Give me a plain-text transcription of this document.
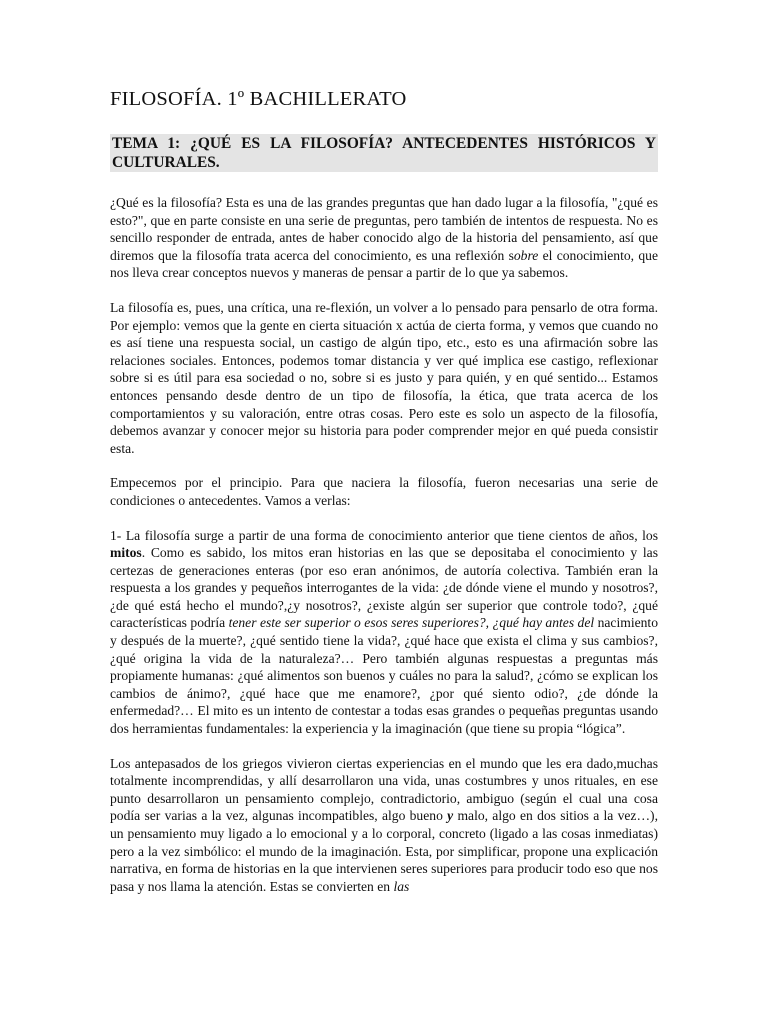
FILOSOFÍA. 1º BACHILLERATO
TEMA 1: ¿QUÉ ES LA FILOSOFÍA? ANTECEDENTES HISTÓRICOS Y CULTURALES.

¿Qué es la filosofía? Esta es una de las grandes preguntas que han dado lugar a la filosofía, "¿qué es esto?", que en parte consiste en una serie de preguntas, pero también de intentos de respuesta. No es sencillo responder de entrada, antes de haber conocido algo de la historia del pensamiento, así que diremos que la filosofía trata acerca del conocimiento, es una reflexión sobre el conocimiento, que nos lleva crear conceptos nuevos y maneras de pensar a partir de lo que ya sabemos.

La filosofía es, pues, una crítica, una re-flexión, un volver a lo pensado para pensarlo de otra forma. Por ejemplo: vemos que la gente en cierta situación x actúa de cierta forma, y vemos que cuando no es así tiene una respuesta social, un castigo de algún tipo, etc., esto es una afirmación sobre las relaciones sociales. Entonces, podemos tomar distancia y ver qué implica ese castigo, reflexionar sobre si es útil para esa sociedad o no, sobre si es justo y para quién, y en qué sentido... Estamos entonces pensando desde dentro de un tipo de filosofía, la ética, que trata acerca de los comportamientos y su valoración, entre otras cosas. Pero este es solo un aspecto de la filosofía, debemos avanzar y conocer mejor su historia para poder comprender mejor en qué pueda consistir esta.

Empecemos por el principio. Para que naciera la filosofía, fueron necesarias una serie de condiciones o antecedentes. Vamos a verlas:

1- La filosofía surge a partir de una forma de conocimiento anterior que tiene cientos de años, los mitos. Como es sabido, los mitos eran historias en las que se depositaba el conocimiento y las certezas de generaciones enteras (por eso eran anónimos, de autoría colectiva. También eran la respuesta a los grandes y pequeños interrogantes de la vida: ¿de dónde viene el mundo y nosotros?, ¿de qué está hecho el mundo?,¿y nosotros?, ¿existe algún ser superior que controle todo?, ¿qué características podría tener este ser superior o esos seres superiores?, ¿qué hay antes del nacimiento y después de la muerte?, ¿qué sentido tiene la vida?, ¿qué hace que exista el clima y sus cambios?, ¿qué origina la vida de la naturaleza?… Pero también algunas respuestas a preguntas más propiamente humanas: ¿qué alimentos son buenos y cuáles no para la salud?, ¿cómo se explican los cambios de ánimo?, ¿qué hace que me enamore?, ¿por qué siento odio?, ¿de dónde la enfermedad?… El mito es un intento de contestar a todas esas grandes o pequeñas preguntas usando dos herramientas fundamentales: la experiencia y la imaginación (que tiene su propia “lógica”.

Los antepasados de los griegos vivieron ciertas experiencias en el mundo que les era dado,muchas totalmente incomprendidas, y allí desarrollaron una vida, unas costumbres y unos rituales, en ese punto desarrollaron un pensamiento complejo, contradictorio, ambiguo (según el cual una cosa podía ser varias a la vez, algunas incompatibles, algo bueno y malo, algo en dos sitios a la vez…), un pensamiento muy ligado a lo emocional y a lo corporal, concreto (ligado a las cosas inmediatas) pero a la vez simbólico: el mundo de la imaginación. Esta, por simplificar, propone una explicación narrativa, en forma de historias en la que intervienen seres superiores para producir todo eso que nos pasa y nos llama la atención. Estas se convierten en las
